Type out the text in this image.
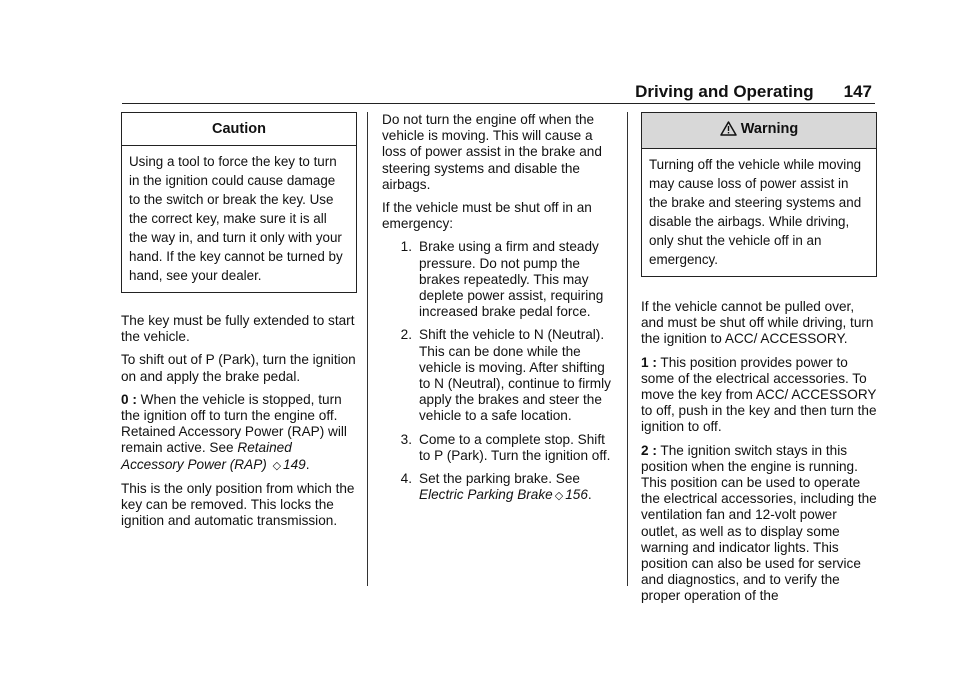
Driving and Operating 147
Caution
Using a tool to force the key to turn in the ignition could cause damage to the switch or break the key. Use the correct key, make sure it is all the way in, and turn it only with your hand. If the key cannot be turned by hand, see your dealer.

The key must be fully extended to start the vehicle.

To shift out of P (Park), turn the ignition on and apply the brake pedal.

0 : When the vehicle is stopped, turn the ignition off to turn the engine off. Retained Accessory Power (RAP) will remain active. See Retained Accessory Power (RAP) ◇ 149.

This is the only position from which the key can be removed. This locks the ignition and automatic transmission.

Do not turn the engine off when the vehicle is moving. This will cause a loss of power assist in the brake and steering systems and disable the airbags.

If the vehicle must be shut off in an emergency:

1. Brake using a firm and steady pressure. Do not pump the brakes repeatedly. This may deplete power assist, requiring increased brake pedal force.
2. Shift the vehicle to N (Neutral). This can be done while the vehicle is moving. After shifting to N (Neutral), continue to firmly apply the brakes and steer the vehicle to a safe location.
3. Come to a complete stop. Shift to P (Park). Turn the ignition off.
4. Set the parking brake. See
Electric Parking Brake ◇ 156.
Warning
Turning off the vehicle while moving may cause loss of power assist in the brake and steering systems and disable the airbags. While driving, only shut the vehicle off in an emergency.

If the vehicle cannot be pulled over, and must be shut off while driving, turn the ignition to ACC/ ACCESSORY.

1 : This position provides power to some of the electrical accessories. To move the key from ACC/ ACCESSORY to off, push in the key and then turn the ignition to off.

2 : The ignition switch stays in this position when the engine is running. This position can be used to operate the electrical accessories, including the ventilation fan and 12-volt power outlet, as well as to display some warning and indicator lights. This position can also be used for service and diagnostics, and to verify the proper operation of the
